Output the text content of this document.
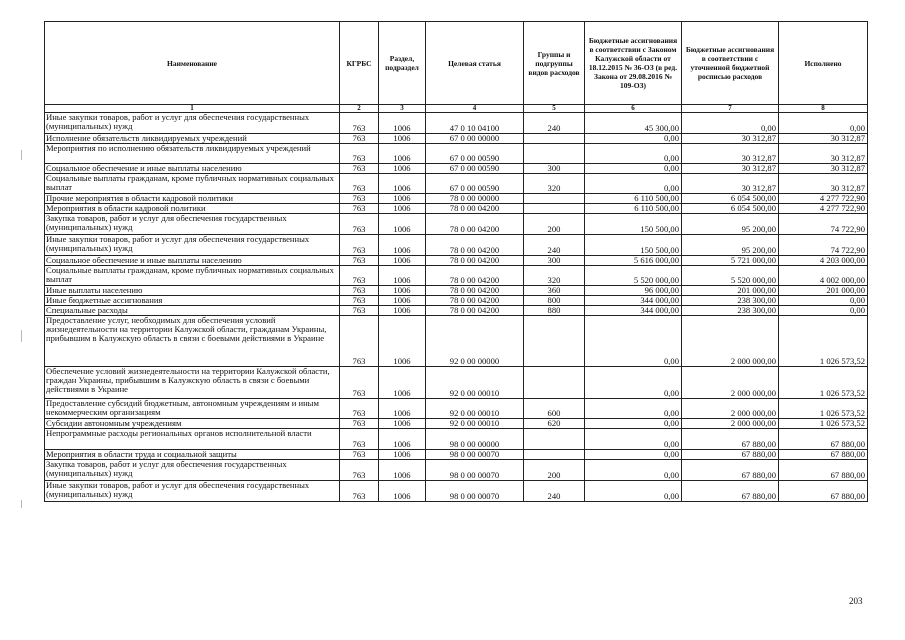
Наименование	КГРБС	Раздел, подраздел	Целевая статья	Группы и подгруппы видов расходов	Бюджетные ассигнования в соответствии с Законом Калужской области от 18.12.2015 № 36-ОЗ (в ред. Закона от 29.08.2016 № 109-ОЗ)	Бюджетные ассигнования в соответствии с уточненной бюджетной росписью расходов	Исполнено
1	2	3	4	5	6	7	8
Иные закупки товаров, работ и услуг для обеспечения государственных (муниципальных) нужд	763	1006	47 0 10 04100	240	45 300,00	0,00	0,00
Исполнение обязательств ликвидируемых учреждений	763	1006	67 0 00 00000		0,00	30 312,87	30 312,87
Мероприятия по исполнению обязательств ликвидируемых учреждений	763	1006	67 0 00 00590		0,00	30 312,87	30 312,87
Социальное обеспечение и иные выплаты населению	763	1006	67 0 00 00590	300	0,00	30 312,87	30 312,87
Социальные выплаты гражданам, кроме публичных нормативных социальных выплат	763	1006	67 0 00 00590	320	0,00	30 312,87	30 312,87
Прочие мероприятия в области кадровой политики	763	1006	78 0 00 00000		6 110 500,00	6 054 500,00	4 277 722,90
Мероприятия в области кадровой политики	763	1006	78 0 00 04200		6 110 500,00	6 054 500,00	4 277 722,90
Закупка товаров, работ и услуг для обеспечения государственных (муниципальных) нужд	763	1006	78 0 00 04200	200	150 500,00	95 200,00	74 722,90
Иные закупки товаров, работ и услуг для обеспечения государственных (муниципальных) нужд	763	1006	78 0 00 04200	240	150 500,00	95 200,00	74 722,90
Социальное обеспечение и иные выплаты населению	763	1006	78 0 00 04200	300	5 616 000,00	5 721 000,00	4 203 000,00
Социальные выплаты гражданам, кроме публичных нормативных социальных выплат	763	1006	78 0 00 04200	320	5 520 000,00	5 520 000,00	4 002 000,00
Иные выплаты населению	763	1006	78 0 00 04200	360	96 000,00	201 000,00	201 000,00
Иные бюджетные ассигнования	763	1006	78 0 00 04200	800	344 000,00	238 300,00	0,00
Специальные расходы	763	1006	78 0 00 04200	880	344 000,00	238 300,00	0,00
Предоставление услуг, необходимых для обеспечения условий жизнедеятельности на территории Калужской области, гражданам Украины, прибывшим в Калужскую область в связи с боевыми действиями в Украине	763	1006	92 0 00 00000		0,00	2 000 000,00	1 026 573,52
Обеспечение условий жизнедеятельности на территории Калужской области, граждан Украины, прибывшим в Калужскую область в связи с боевыми действиями в Украине	763	1006	92 0 00 00010		0,00	2 000 000,00	1 026 573,52
Предоставление субсидий бюджетным, автономным учреждениям и иным некоммерческим организациям	763	1006	92 0 00 00010	600	0,00	2 000 000,00	1 026 573,52
Субсидии автономным учреждениям	763	1006	92 0 00 00010	620	0,00	2 000 000,00	1 026 573,52
Непрограммные расходы региональных органов исполнительной власти	763	1006	98 0 00 00000		0,00	67 880,00	67 880,00
Мероприятия в области труда и социальной защиты	763	1006	98 0 00 00070		0,00	67 880,00	67 880,00
Закупка товаров, работ и услуг для обеспечения государственных (муниципальных) нужд	763	1006	98 0 00 00070	200	0,00	67 880,00	67 880,00
Иные закупки товаров, работ и услуг для обеспечения государственных (муниципальных) нужд	763	1006	98 0 00 00070	240	0,00	67 880,00	67 880,00
203
